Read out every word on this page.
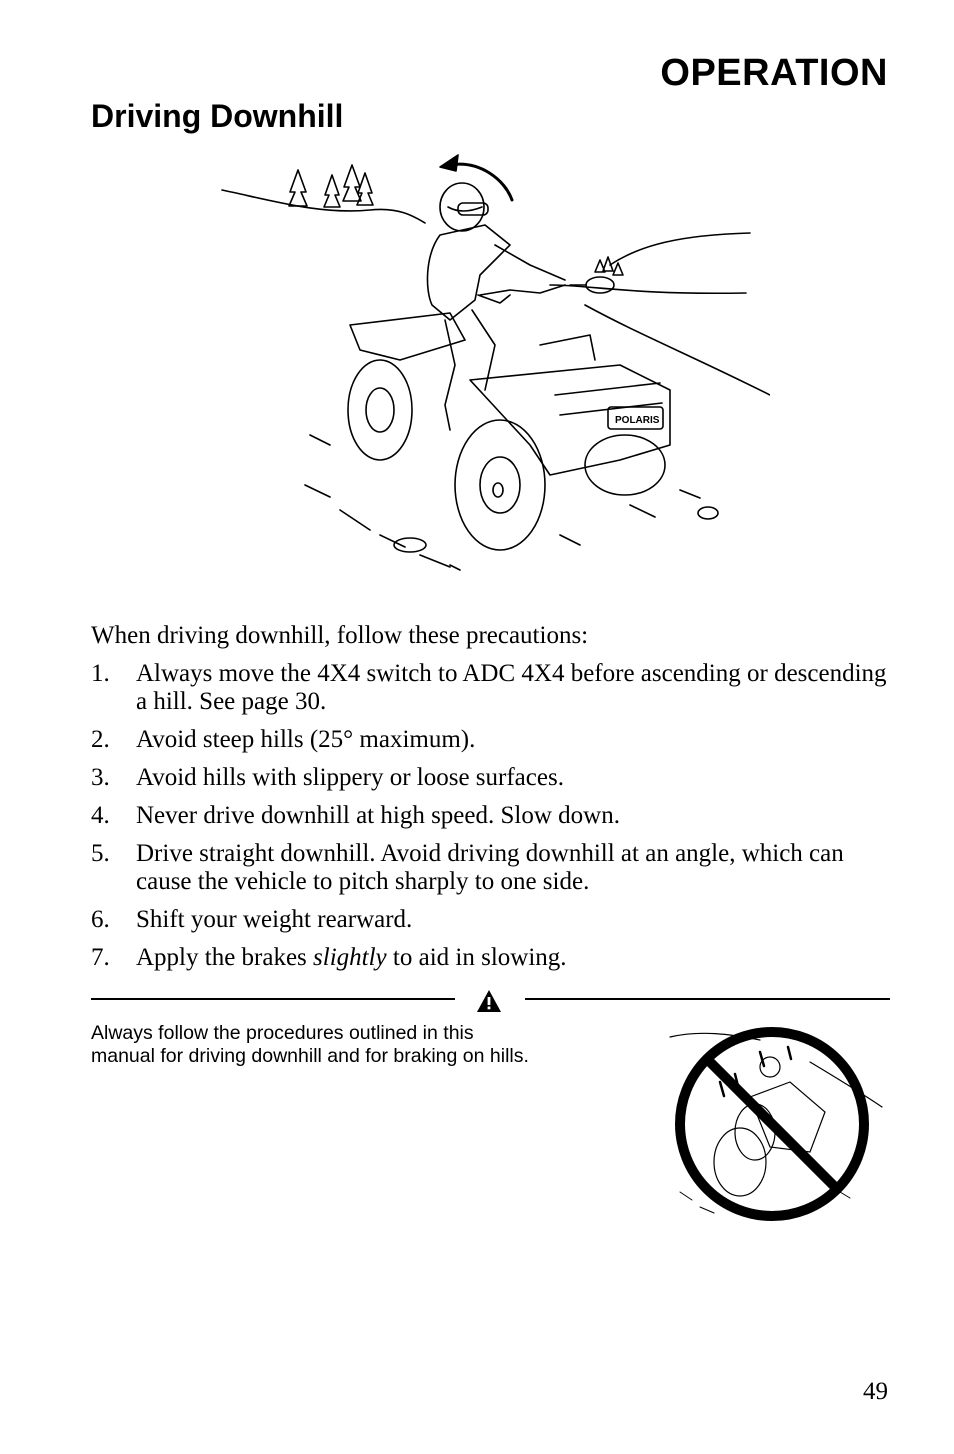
OPERATION
Driving Downhill
POLARIS
When driving downhill, follow these precautions:
1.	Always move the 4X4 switch to ADC 4X4 before ascending or descending a hill. See page 30.
2.	Avoid steep hills (25° maximum).
3.	Avoid hills with slippery or loose surfaces.
4.	Never drive downhill at high speed. Slow down.
5.	Drive straight downhill. Avoid driving downhill at an angle, which can cause the vehicle to pitch sharply to one side.
6.	Shift your weight rearward.
7.	Apply the brakes slightly to aid in slowing.
Always follow the procedures outlined in this manual for driving downhill and for braking on hills.
49
